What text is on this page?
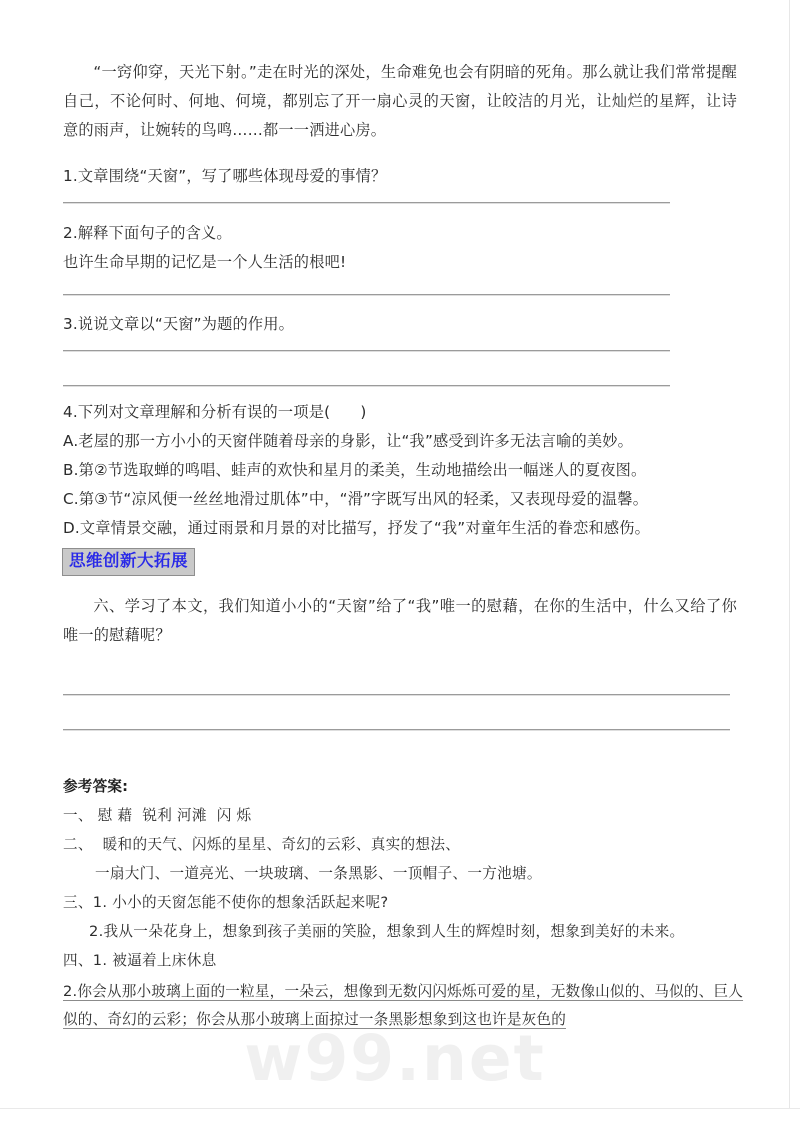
w99.net
“一窍仰穿，天光下射。”走在时光的深处，生命难免也会有阴暗的死角。那么就让我们常常提醒自己，不论何时、何地、何境，都别忘了开一扇心灵的天窗，让皎洁的月光，让灿烂的星辉，让诗意的雨声，让婉转的鸟鸣……都一一洒进心房。
1.文章围绕“天窗”，写了哪些体现母爱的事情？
2.解释下面句子的含义。
也许生命早期的记忆是一个人生活的根吧!
3.说说文章以“天窗”为题的作用。
4.下列对文章理解和分析有误的一项是(      )
A.老屋的那一方小小的天窗伴随着母亲的身影，让“我”感受到许多无法言喻的美妙。
B.第②节选取蝉的鸣唱、蛙声的欢快和星月的柔美，生动地描绘出一幅迷人的夏夜图。
C.第③节“凉风便一丝丝地滑过肌体”中，“滑”字既写出风的轻柔，又表现母爱的温馨。
D.文章情景交融，通过雨景和月景的对比描写，抒发了“我”对童年生活的眷恋和感伤。
思维创新大拓展
六、学习了本文，我们知道小小的“天窗”给了“我”唯一的慰藉，在你的生活中，什么又给了你唯一的慰藉呢？
参考答案:
一、 慰 藉  锐利 河滩  闪 烁
二、  暖和的天气、闪烁的星星、奇幻的云彩、真实的想法、
一扇大门、一道亮光、一块玻璃、一条黑影、一顶帽子、一方池塘。
三、1. 小小的天窗怎能不使你的想象活跃起来呢?
2.我从一朵花身上，想象到孩子美丽的笑脸，想象到人生的辉煌时刻，想象到美好的未来。
四、1. 被逼着上床休息
2.你会从那小玻璃上面的一粒星，一朵云，想像到无数闪闪烁烁可爱的星，无数像山似的、马似的、巨人似的、奇幻的云彩；你会从那小玻璃上面掠过一条黑影想象到这也许是灰色的
